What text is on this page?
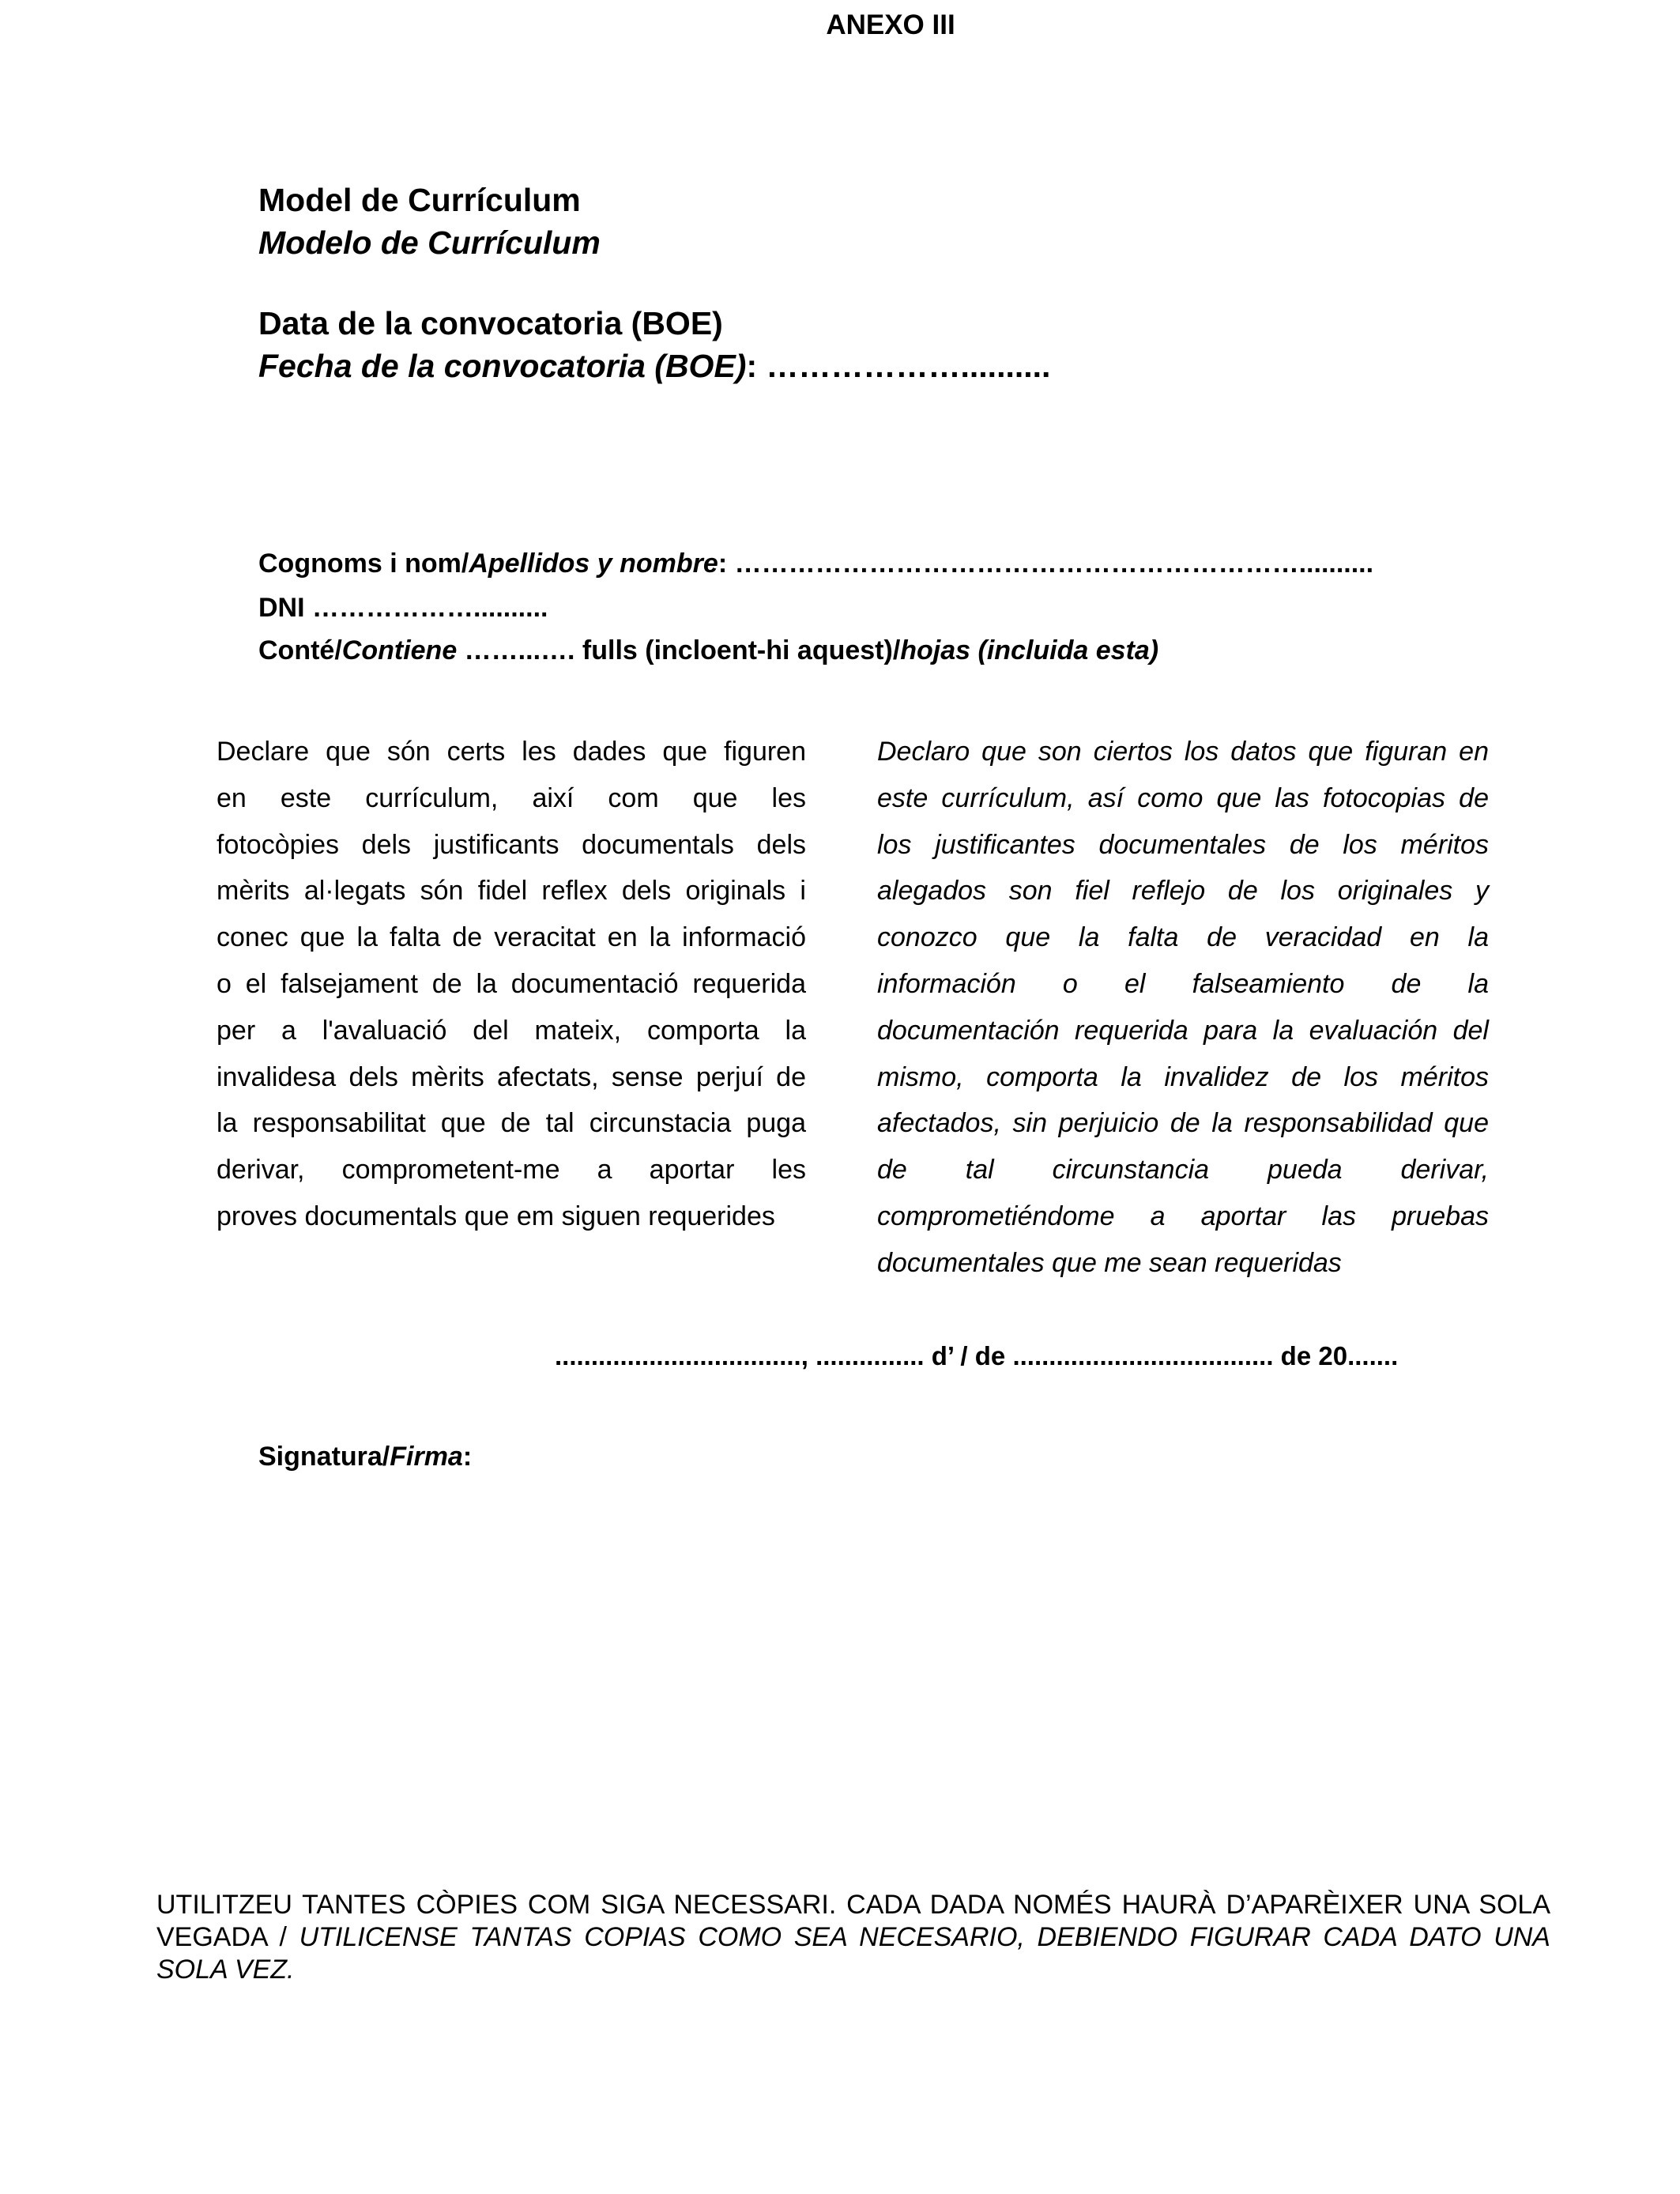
ANEXO III
Model de Currículum
Modelo de Currículum
Data de la convocatoria (BOE)
Fecha de la convocatoria (BOE): ………………..........
Cognoms i nom/Apellidos y nombre: ………………………………………………………..........
DNI ………………..........
Conté/Contiene ……...…. fulls (incloent-hi aquest)/hojas (incluida esta)
Declare que són certs les dades que figuren
en este currículum, així com que les
fotocòpies dels justificants documentals dels
mèrits al·legats són fidel reflex dels originals i
conec que la falta de veracitat en la informació
o el falsejament de la documentació requerida
per a l'avaluació del mateix, comporta la
invalidesa dels mèrits afectats, sense perjuí de
la responsabilitat que de tal circunstacia puga
derivar, comprometent-me a aportar les
proves documentals que em siguen requerides
Declaro que son ciertos los datos que figuran en
este currículum, así como que las fotocopias de
los justificantes documentales de los méritos
alegados son fiel reflejo de los originales y
conozco que la falta de veracidad en la
información o el falseamiento de la
documentación requerida para la evaluación del
mismo, comporta la invalidez de los méritos
afectados, sin perjuicio de la responsabilidad que
de tal circunstancia pueda derivar,
comprometiéndome a aportar las pruebas
documentales que me sean requeridas
.................................., ............... d’ / de .................................... de 20.......
Signatura/Firma:
UTILITZEU TANTES CÒPIES COM SIGA NECESSARI. CADA DADA NOMÉS HAURÀ D’APARÈIXER UNA SOLA VEGADA / UTILICENSE TANTAS COPIAS COMO SEA NECESARIO, DEBIENDO FIGURAR CADA DATO UNA SOLA VEZ.
